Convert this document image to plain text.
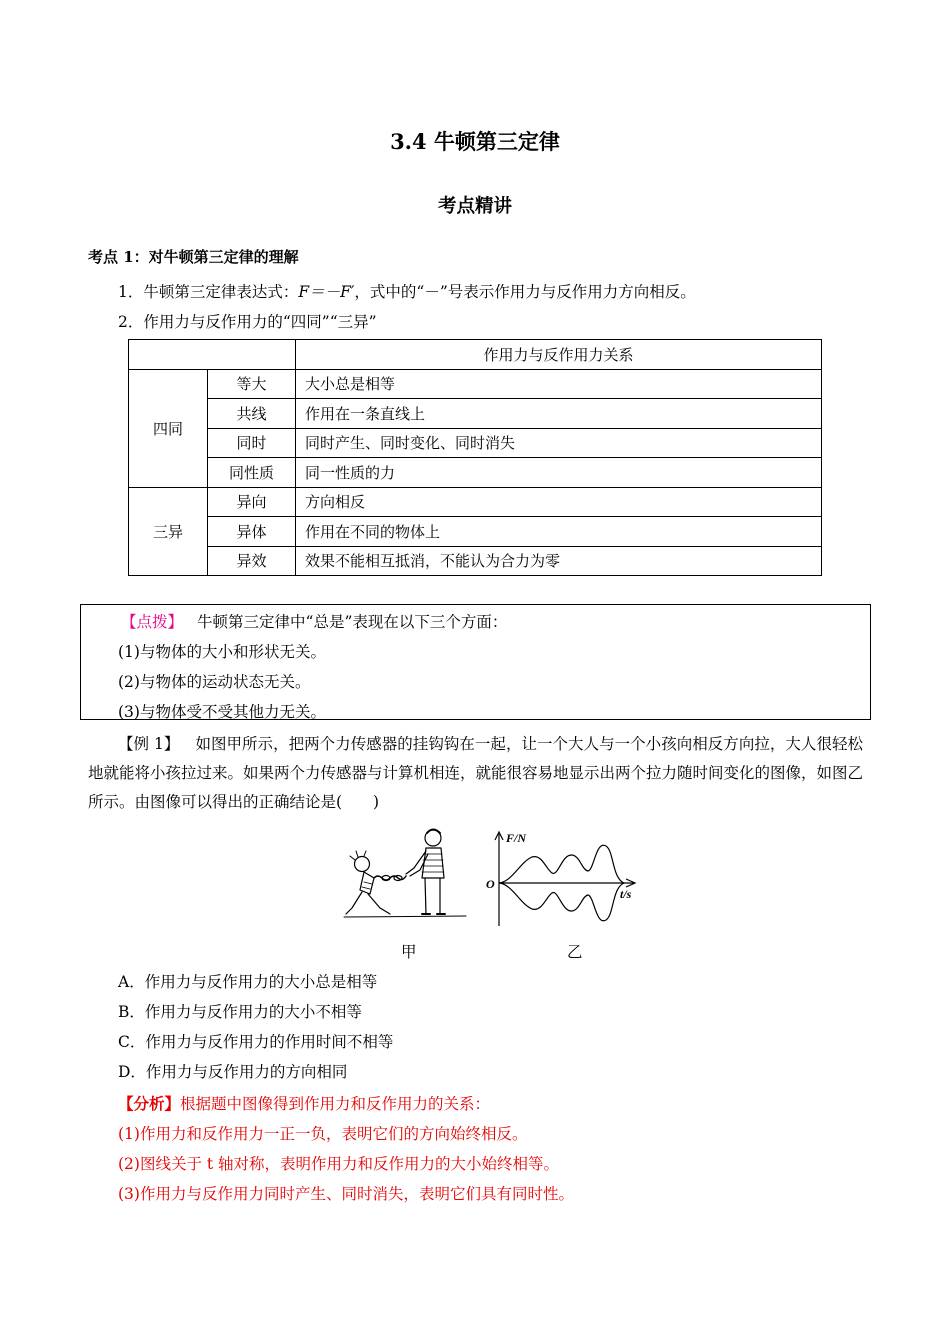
3.4 牛顿第三定律
考点精讲
考点 1：对牛顿第三定律的理解
1．牛顿第三定律表达式：F＝－F′，式中的“－”号表示作用力与反作用力方向相反。
2．作用力与反作用力的“四同”“三异”
		作用力与反作用力关系
四同	等大	大小总是相等
	共线	作用在一条直线上
	同时	同时产生、同时变化、同时消失
	同性质	同一性质的力
三异	异向	方向相反
	异体	作用在不同的物体上
	异效	效果不能相互抵消，不能认为合力为零
【点拨】 牛顿第三定律中“总是”表现在以下三个方面：
(1)与物体的大小和形状无关。
(2)与物体的运动状态无关。
(3)与物体受不受其他力无关。
【例 1】 如图甲所示，把两个力传感器的挂钩钩在一起，让一个大人与一个小孩向相反方向拉，大人很轻松地就能将小孩拉过来。如果两个力传感器与计算机相连，就能很容易地显示出两个拉力随时间变化的图像，如图乙所示。由图像可以得出的正确结论是(　　)
F/N
t/s
O
甲	乙
A．作用力与反作用力的大小总是相等
B．作用力与反作用力的大小不相等
C．作用力与反作用力的作用时间不相等
D．作用力与反作用力的方向相同
【分析】根据题中图像得到作用力和反作用力的关系：
(1)作用力和反作用力一正一负，表明它们的方向始终相反。
(2)图线关于 t 轴对称，表明作用力和反作用力的大小始终相等。
(3)作用力与反作用力同时产生、同时消失，表明它们具有同时性。
